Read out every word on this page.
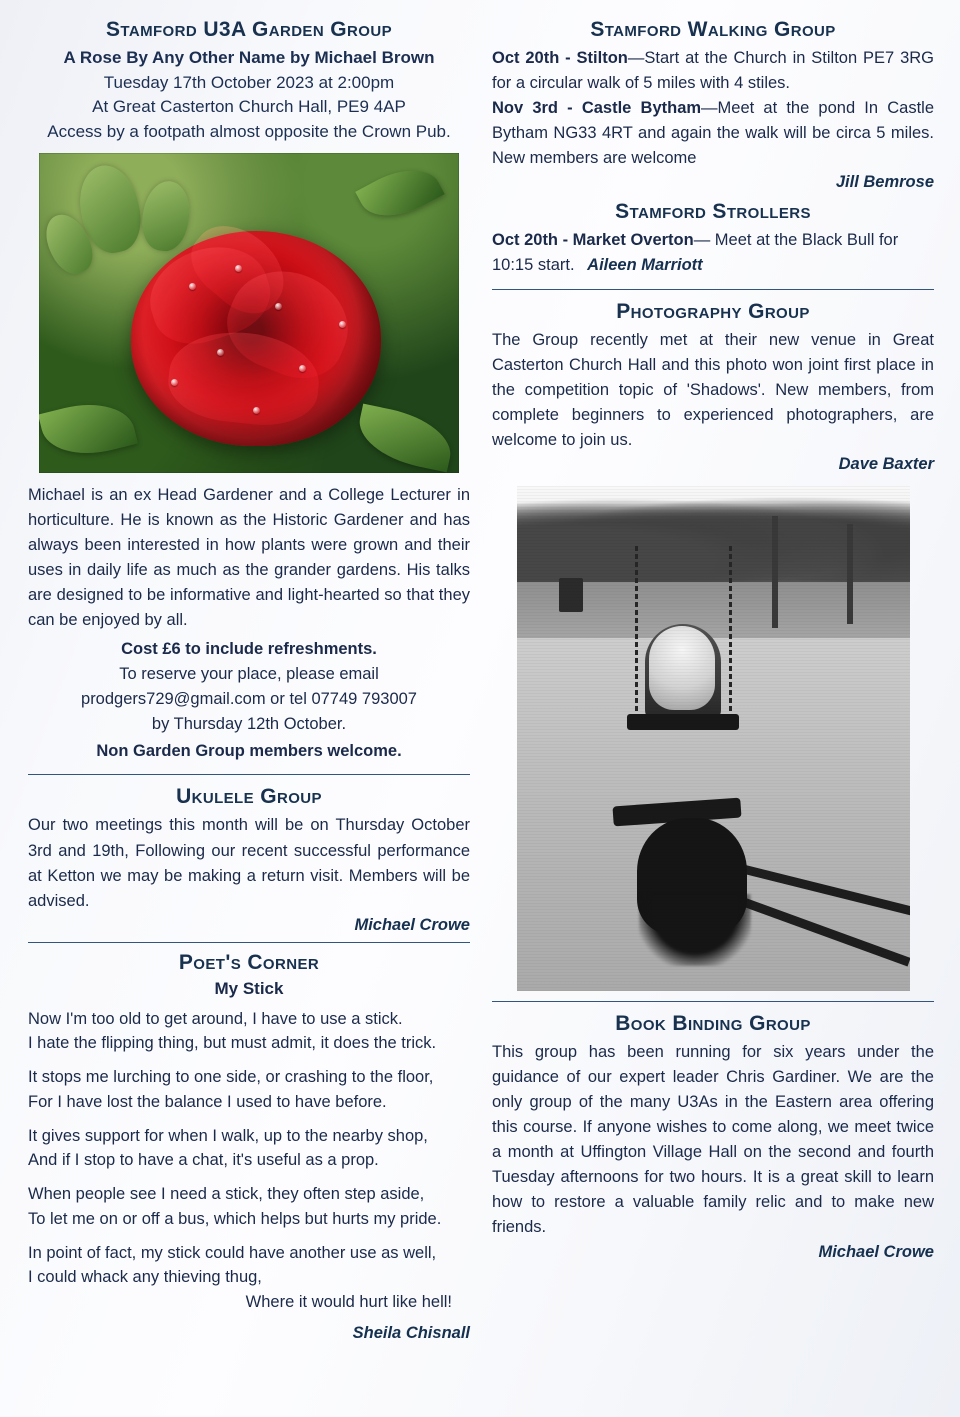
Stamford U3A Garden Group

A Rose By Any Other Name by Michael Brown

Tuesday 17th October 2023 at 2:00pm

At Great Casterton Church Hall, PE9 4AP

Access by a footpath almost opposite the Crown Pub.

Michael is an ex Head Gardener and a College Lecturer in horticulture. He is known as the Historic Gardener and has always been interested in how plants were grown and their uses in daily life as much as the grander gardens. His talks are designed to be informative and light-hearted so that they can be enjoyed by all.

Cost £6 to include refreshments.

To reserve your place, please email

prodgers729@gmail.com or tel 07749 793007

by Thursday 12th October.

Non Garden Group members welcome.

Ukulele Group

Our two meetings this month will be on Thursday October 3rd and 19th, Following our recent successful performance at Ketton we may be making a return visit. Members will be advised.

Michael Crowe

Poet's Corner

My Stick

Now I'm too old to get around, I have to use a stick.

I hate the flipping thing, but must admit, it does the trick.

It stops me lurching to one side, or crashing to the floor,

For I have lost the balance I used to have before.

It gives support for when I walk, up to the nearby shop,

And if I stop to have a chat, it's useful as a prop.

When people see I need a stick, they often step aside,

To let me on or off a bus, which helps but hurts my pride.

In point of fact, my stick could have another use as well,

I could whack any thieving thug,

Where it would hurt like hell!

Sheila Chisnall

Stamford Walking Group

Oct 20th - Stilton—Start at the Church in Stilton PE7 3RG for a circular walk of 5 miles with 4 stiles.

Nov 3rd - Castle Bytham—Meet at the pond In Castle Bytham NG33 4RT and again the walk will be circa 5 miles. New members are welcome

Jill Bemrose

Stamford Strollers

Oct 20th - Market Overton— Meet at the Black Bull for 10:15 start. Aileen Marriott

Photography Group

The Group recently met at their new venue in Great Casterton Church Hall and this photo won joint first place in the competition topic of 'Shadows'. New members, from complete beginners to experienced photographers, are welcome to join us.

Dave Baxter

Book Binding Group

This group has been running for six years under the guidance of our expert leader Chris Gardiner. We are the only group of the many U3As in the Eastern area offering this course. If anyone wishes to come along, we meet twice a month at Uffington Village Hall on the second and fourth Tuesday afternoons for two hours. It is a great skill to learn how to restore a valuable family relic and to make new friends.

Michael Crowe
